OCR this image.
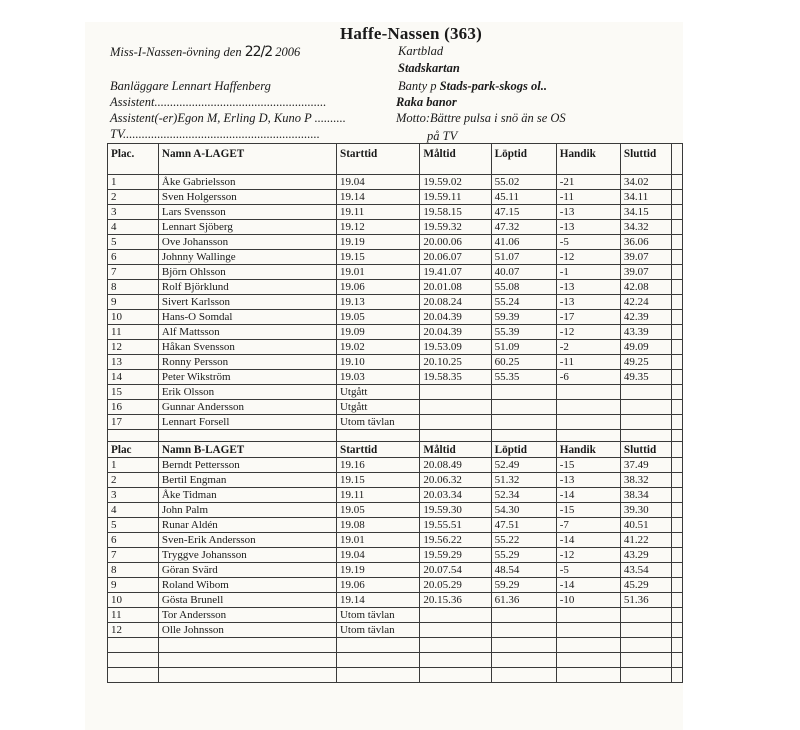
Haffe-Nassen (363)
Miss-I-Nassen-övning den 22/2 2006	Kartblad
Stadskartan
Banläggare Lennart Haffenberg	Banty p Stads-park-skogs ol..
Assistent.......................................................	Raka banor
Assistent(-er)Egon M, Erling D, Kuno P ..........	Motto:Bättre pulsa i snö än se OS
TV...............................................................	på TV
Plac.	Namn A-LAGET	Starttid	Måltid	Löptid	Handik	Sluttid	
1	Åke Gabrielsson	19.04	19.59.02	55.02	-21	34.02	
2	Sven Holgersson	19.14	19.59.11	45.11	-11	34.11	
3	Lars Svensson	19.11	19.58.15	47.15	-13	34.15	
4	Lennart Sjöberg	19.12	19.59.32	47.32	-13	34.32	
5	Ove Johansson	19.19	20.00.06	41.06	-5	36.06	
6	Johnny Wallinge	19.15	20.06.07	51.07	-12	39.07	
7	Björn Ohlsson	19.01	19.41.07	40.07	-1	39.07	
8	Rolf Björklund	19.06	20.01.08	55.08	-13	42.08	
9	Sivert Karlsson	19.13	20.08.24	55.24	-13	42.24	
10	Hans-O Somdal	19.05	20.04.39	59.39	-17	42.39	
11	Alf Mattsson	19.09	20.04.39	55.39	-12	43.39	
12	Håkan Svensson	19.02	19.53.09	51.09	-2	49.09	
13	Ronny Persson	19.10	20.10.25	60.25	-11	49.25	
14	Peter Wikström	19.03	19.58.35	55.35	-6	49.35	
15	Erik Olsson	Utgått					
16	Gunnar Andersson	Utgått					
17	Lennart Forsell	Utom tävlan					

Plac	Namn B-LAGET	Starttid	Måltid	Löptid	Handik	Sluttid	
1	Berndt Pettersson	19.16	20.08.49	52.49	-15	37.49	
2	Bertil Engman	19.15	20.06.32	51.32	-13	38.32	
3	Åke Tidman	19.11	20.03.34	52.34	-14	38.34	
4	John Palm	19.05	19.59.30	54.30	-15	39.30	
5	Runar Aldén	19.08	19.55.51	47.51	-7	40.51	
6	Sven-Erik Andersson	19.01	19.56.22	55.22	-14	41.22	
7	Tryggve Johansson	19.04	19.59.29	55.29	-12	43.29	
8	Göran Svärd	19.19	20.07.54	48.54	-5	43.54	
9	Roland Wibom	19.06	20.05.29	59.29	-14	45.29	
10	Gösta Brunell	19.14	20.15.36	61.36	-10	51.36	
11	Tor Andersson	Utom tävlan					
12	Olle Johnsson	Utom tävlan					
